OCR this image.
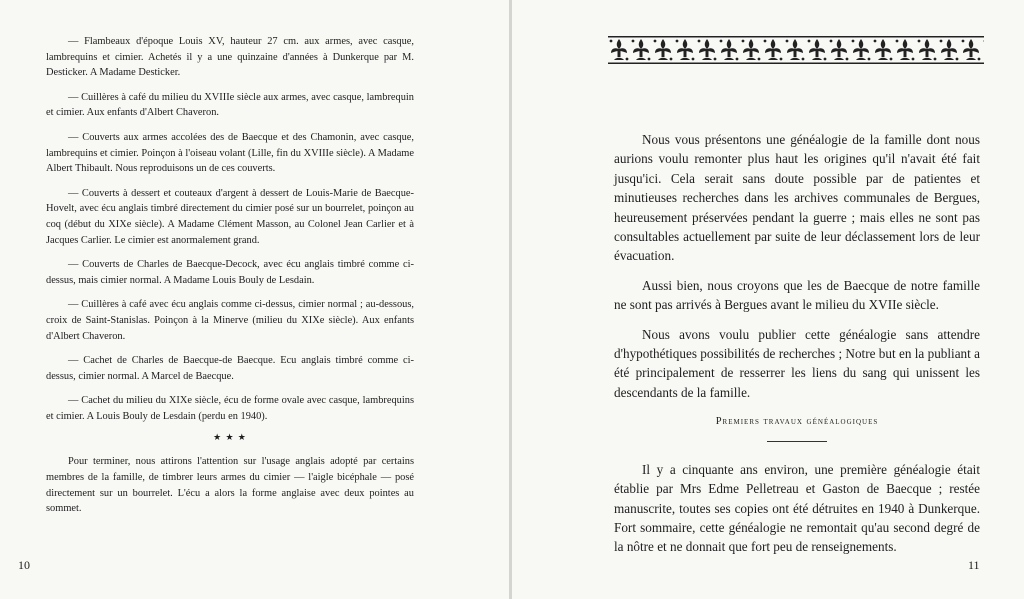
— Flambeaux d'époque Louis XV, hauteur 27 cm. aux armes, avec casque, lambrequins et cimier. Achetés il y a une quinzaine d'années à Dunkerque par M. Desticker. A Madame Desticker.

— Cuillères à café du milieu du XVIIIe siècle aux armes, avec casque, lambrequin et cimier. Aux enfants d'Albert Chaveron.

— Couverts aux armes accolées des de Baecque et des Chamonin, avec casque, lambrequins et cimier. Poinçon à l'oiseau volant (Lille, fin du XVIIIe siècle). A Madame Albert Thibault. Nous reproduisons un de ces couverts.

— Couverts à dessert et couteaux d'argent à dessert de Louis-Marie de Baecque-Hovelt, avec écu anglais timbré directement du cimier posé sur un bourrelet, poinçon au coq (début du XIXe siècle). A Madame Clément Masson, au Colonel Jean Carlier et à Jacques Carlier. Le cimier est anormalement grand.

— Couverts de Charles de Baecque-Decock, avec écu anglais timbré comme ci-dessus, mais cimier normal. A Madame Louis Bouly de Lesdain.

— Cuillères à café avec écu anglais comme ci-dessus, cimier normal ; au-dessous, croix de Saint-Stanislas. Poinçon à la Minerve (milieu du XIXe siècle). Aux enfants d'Albert Chaveron.

— Cachet de Charles de Baecque-de Baecque. Ecu anglais timbré comme ci-dessus, cimier normal. A Marcel de Baecque.

— Cachet du milieu du XIXe siècle, écu de forme ovale avec casque, lambrequins et cimier. A Louis Bouly de Lesdain (perdu en 1940).

★ ★ ★

Pour terminer, nous attirons l'attention sur l'usage anglais adopté par certains membres de la famille, de timbrer leurs armes du cimier — l'aigle bicéphale — posé directement sur un bourrelet. L'écu a alors la forme anglaise avec deux pointes au sommet.

10

Nous vous présentons une généalogie de la famille dont nous aurions voulu remonter plus haut les origines qu'il n'avait été fait jusqu'ici. Cela serait sans doute possible par de patientes et minutieuses recherches dans les archives communales de Bergues, heureusement préservées pendant la guerre ; mais elles ne sont pas consultables actuellement par suite de leur déclassement lors de leur évacuation.

Aussi bien, nous croyons que les de Baecque de notre famille ne sont pas arrivés à Bergues avant le milieu du XVIIe siècle.

Nous avons voulu publier cette généalogie sans attendre d'hypothétiques possibilités de recherches ; Notre but en la publiant a été principalement de resserrer les liens du sang qui unissent les descendants de la famille.

Premiers travaux généalogiques

Il y a cinquante ans environ, une première généalogie était établie par Mrs Edme Pelletreau et Gaston de Baecque ; restée manuscrite, toutes ses copies ont été détruites en 1940 à Dunkerque. Fort sommaire, cette généalogie ne remontait qu'au second degré de la nôtre et ne donnait que fort peu de renseignements.

11
